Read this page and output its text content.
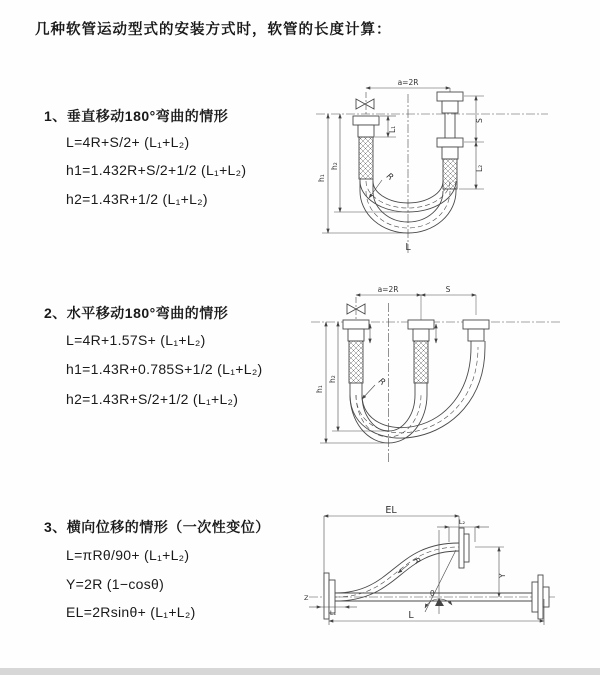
几种软管运动型式的安装方式时，软管的长度计算：
1、垂直移动180°弯曲的情形
L=4R+S/2+ (L₁+L₂)
h1=1.432R+S/2+1/2 (L₁+L₂)
h2=1.43R+1/2 (L₁+L₂)
2、水平移动180°弯曲的情形
L=4R+1.57S+ (L₁+L₂)
h1=1.43R+0.785S+1/2 (L₁+L₂)
h2=1.43R+S/2+1/2 (L₁+L₂)
3、横向位移的情形（一次性变位）
L=πRθ/90+ (L₁+L₂)
Y=2R (1−cosθ)
EL=2Rsinθ+ (L₁+L₂)
a=2R
h₁
h₂
L₁
S
L₂
R
L
a=2R	S
h₁
h₂	R
EL
L₂
Y
R
θ
L
L₁
Z
